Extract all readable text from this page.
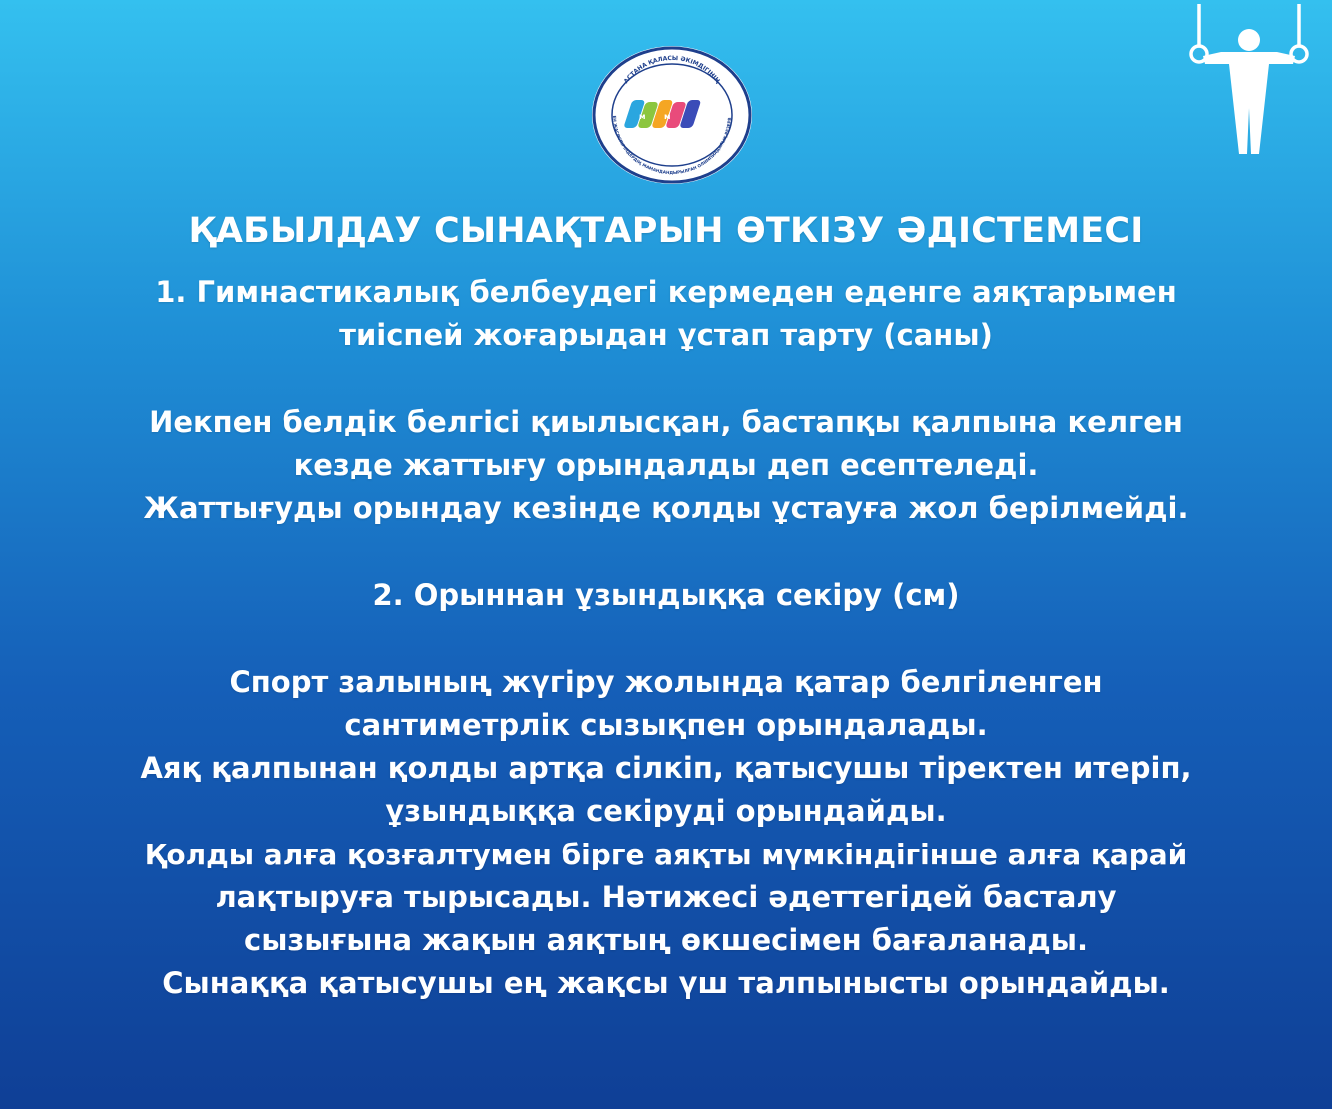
АСТАНА ҚАЛАСЫ ӘКІМДІГІНІҢ
ЕН ЖАСӨСПІРІМДЕРДІҢ МАМАНДАНДЫРЫЛҒАН ОЛИМПИАДАЛЫҚ РЕЗЕРВ
ᴍ ᴍ
ҚАБЫЛДАУ СЫНАҚТАРЫН ӨТКІЗУ ӘДІСТЕМЕСІ
1. Гимнастикалық белбеудегі кермеден еденге аяқтарымен
тиіспей жоғарыдан ұстап тарту (саны)
Иекпен белдік белгісі қиылысқан, бастапқы қалпына келген
кезде жаттығу орындалды деп есептеледі.
Жаттығуды орындау кезінде қолды ұстауға жол берілмейді.
2. Орыннан ұзындыққа секіру (см)
Спорт залының жүгіру жолында қатар белгіленген
сантиметрлік сызықпен орындалады.
Аяқ қалпынан қолды артқа сілкіп, қатысушы тіректен итеріп,
ұзындыққа секіруді орындайды.
Қолды алға қозғалтумен бірге аяқты мүмкіндігінше алға қарай
лақтыруға тырысады. Нәтижесі әдеттегідей басталу
сызығына жақын аяқтың өкшесімен бағаланады.
Сынаққа қатысушы ең жақсы үш талпынысты орындайды.
